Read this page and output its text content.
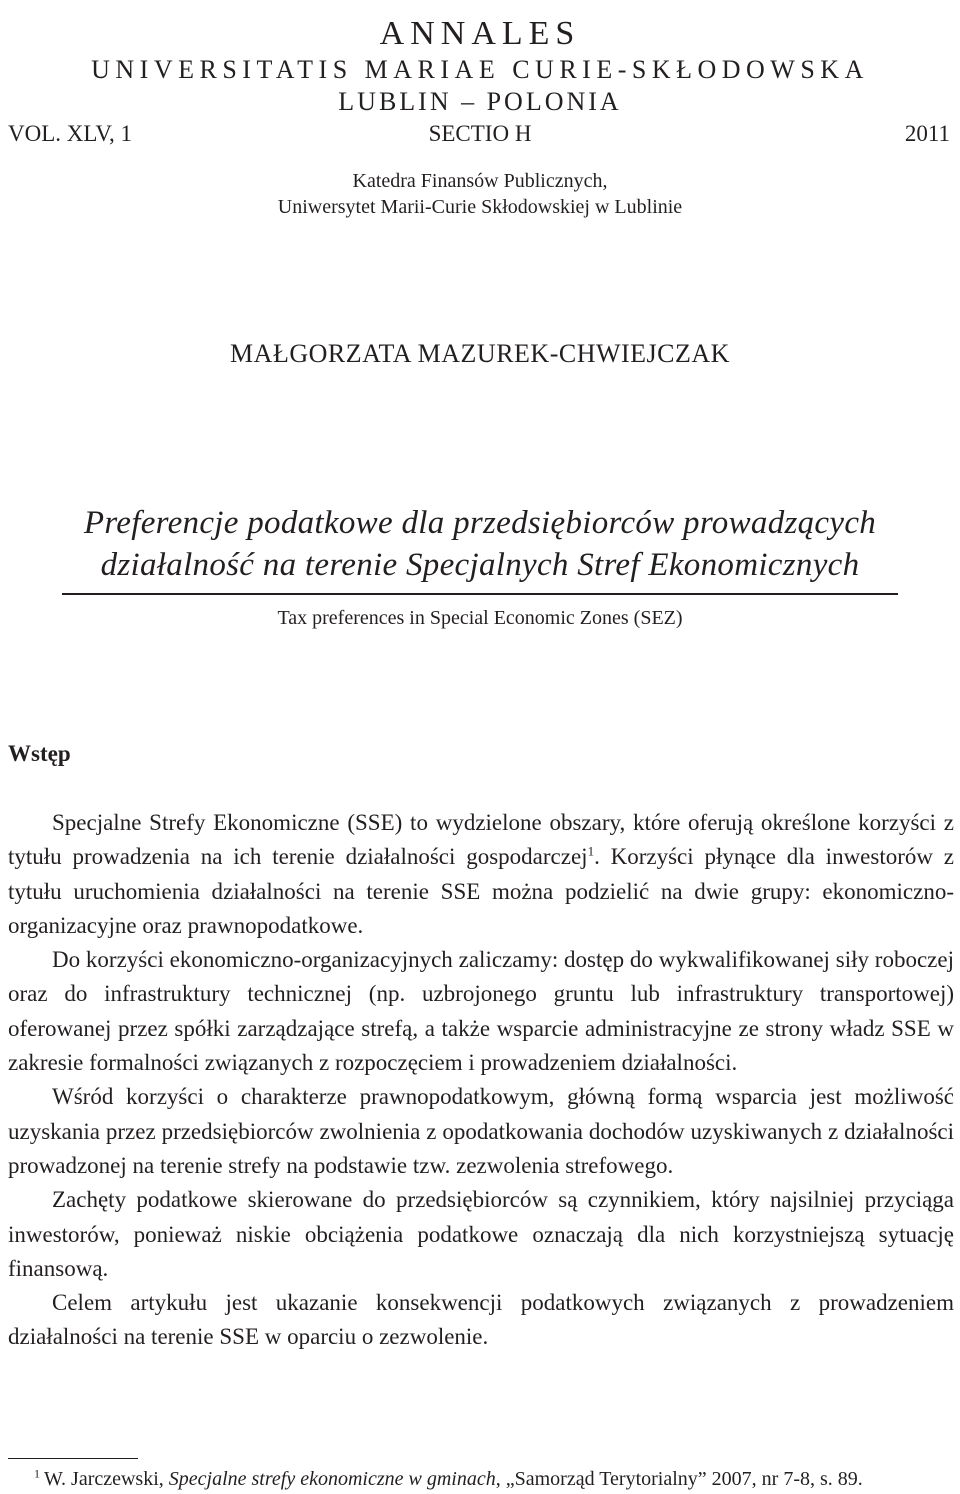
ANNALES
UNIVERSITATIS MARIAE CURIE-SKŁODOWSKA
LUBLIN – POLONIA
VOL. XLV, 1	SECTIO H	2011
Katedra Finansów Publicznych,
Uniwersytet Marii-Curie Skłodowskiej w Lublinie
MAŁGORZATA MAZUREK-CHWIEJCZAK
Preferencje podatkowe dla przedsiębiorców prowadzących
działalność na terenie Specjalnych Stref Ekonomicznych
Tax preferences in Special Economic Zones (SEZ)
Wstęp

Specjalne Strefy Ekonomiczne (SSE) to wydzielone obszary, które oferują określone korzyści z tytułu prowadzenia na ich terenie działalności gospodarczej$^1$. Korzyści płynące dla inwestorów z tytułu uruchomienia działalności na terenie SSE można podzielić na dwie grupy: ekonomiczno-organizacyjne oraz prawnopodatkowe.

Do korzyści ekonomiczno-organizacyjnych zaliczamy: dostęp do wykwalifikowanej siły roboczej oraz do infrastruktury technicznej (np. uzbrojonego gruntu lub infrastruktury transportowej) oferowanej przez spółki zarządzające strefą, a także wsparcie administracyjne ze strony władz SSE w zakresie formalności związanych z rozpoczęciem i prowadzeniem działalności.

Wśród korzyści o charakterze prawnopodatkowym, główną formą wsparcia jest możliwość uzyskania przez przedsiębiorców zwolnienia z opodatkowania dochodów uzyskiwanych z działalności prowadzonej na terenie strefy na podstawie tzw. zezwolenia strefowego.

Zachęty podatkowe skierowane do przedsiębiorców są czynnikiem, który najsilniej przyciąga inwestorów, ponieważ niskie obciążenia podatkowe oznaczają dla nich korzystniejszą sytuację finansową.

Celem artykułu jest ukazanie konsekwencji podatkowych związanych z prowadzeniem działalności na terenie SSE w oparciu o zezwolenie.

$^1$ W. Jarczewski, Specjalne strefy ekonomiczne w gminach, „Samorząd Terytorialny” 2007, nr 7-8, s. 89.
